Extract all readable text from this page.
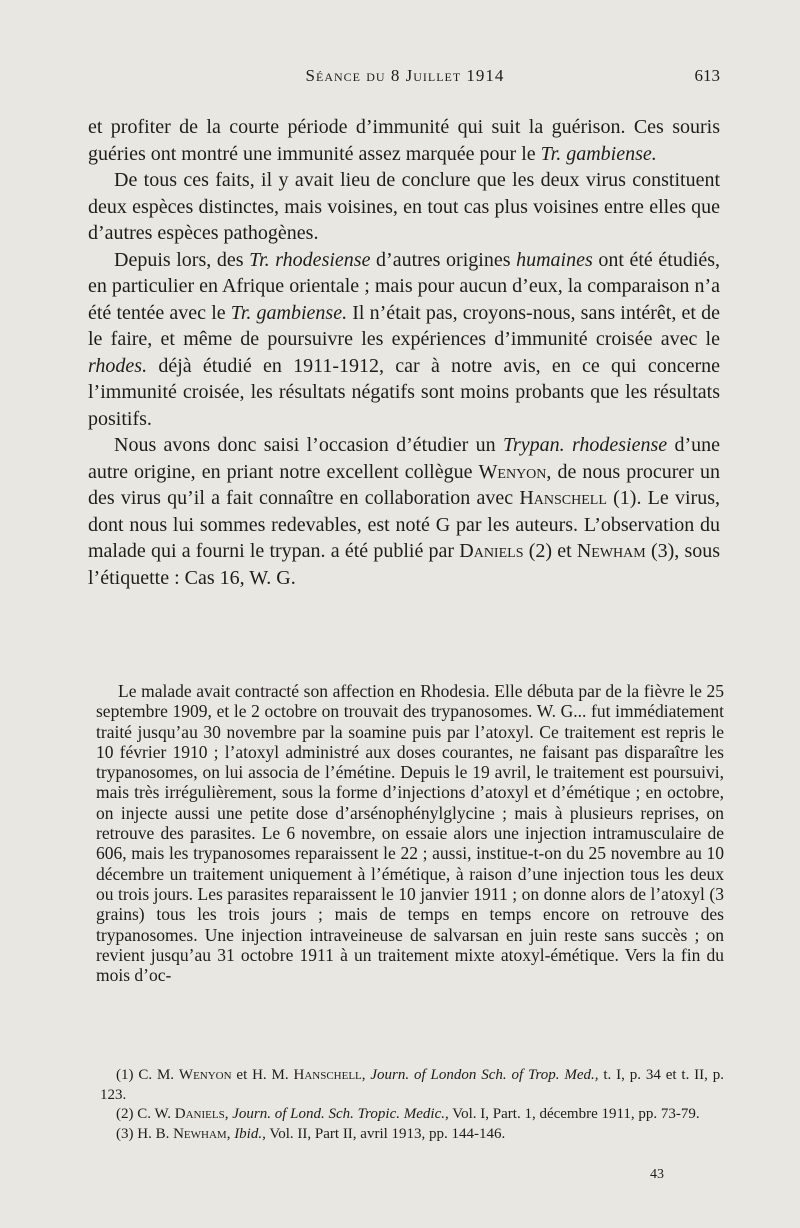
Séance du 8 Juillet 1914	613

et profiter de la courte période d’immunité qui suit la guérison. Ces souris guéries ont montré une immunité assez marquée pour le Tr. gambiense.

De tous ces faits, il y avait lieu de conclure que les deux virus constituent deux espèces distinctes, mais voisines, en tout cas plus voisines entre elles que d’autres espèces pathogènes.

Depuis lors, des Tr. rhodesiense d’autres origines humaines ont été étudiés, en particulier en Afrique orientale ; mais pour aucun d’eux, la comparaison n’a été tentée avec le Tr. gambiense. Il n’était pas, croyons-nous, sans intérêt, et de le faire, et même de poursuivre les expériences d’immunité croisée avec le rhodes. déjà étudié en 1911-1912, car à notre avis, en ce qui concerne l’immunité croisée, les résultats négatifs sont moins probants que les résultats positifs.

Nous avons donc saisi l’occasion d’étudier un Trypan. rhodesiense d’une autre origine, en priant notre excellent collègue Wenyon, de nous procurer un des virus qu’il a fait connaître en collaboration avec Hanschell (1). Le virus, dont nous lui sommes redevables, est noté G par les auteurs. L’observation du malade qui a fourni le trypan. a été publié par Daniels (2) et Newham (3), sous l’étiquette : Cas 16, W. G.

Le malade avait contracté son affection en Rhodesia. Elle débuta par de la fièvre le 25 septembre 1909, et le 2 octobre on trouvait des trypanosomes. W. G... fut immédiatement traité jusqu’au 30 novembre par la soamine puis par l’atoxyl. Ce traitement est repris le 10 février 1910 ; l’atoxyl administré aux doses courantes, ne faisant pas disparaître les trypanosomes, on lui associa de l’émétine. Depuis le 19 avril, le traitement est poursuivi, mais très irrégulièrement, sous la forme d’injections d’atoxyl et d’émétique ; en octobre, on injecte aussi une petite dose d’arsénophénylglycine ; mais à plusieurs reprises, on retrouve des parasites. Le 6 novembre, on essaie alors une injection intramusculaire de 606, mais les trypanosomes reparaissent le 22 ; aussi, institue-t-on du 25 novembre au 10 décembre un traitement uniquement à l’émétique, à raison d’une injection tous les deux ou trois jours. Les parasites reparaissent le 10 janvier 1911 ; on donne alors de l’atoxyl (3 grains) tous les trois jours ; mais de temps en temps encore on retrouve des trypanosomes. Une injection intraveineuse de salvarsan en juin reste sans succès ; on revient jusqu’au 31 octobre 1911 à un traitement mixte atoxyl-émétique. Vers la fin du mois d’oc-

(1) C. M. Wenyon et H. M. Hanschell, Journ. of London Sch. of Trop. Med., t. I, p. 34 et t. II, p. 123.

(2) C. W. Daniels, Journ. of Lond. Sch. Tropic. Medic., Vol. I, Part. 1, décembre 1911, pp. 73-79.

(3) H. B. Newham, Ibid., Vol. II, Part II, avril 1913, pp. 144-146.

43
